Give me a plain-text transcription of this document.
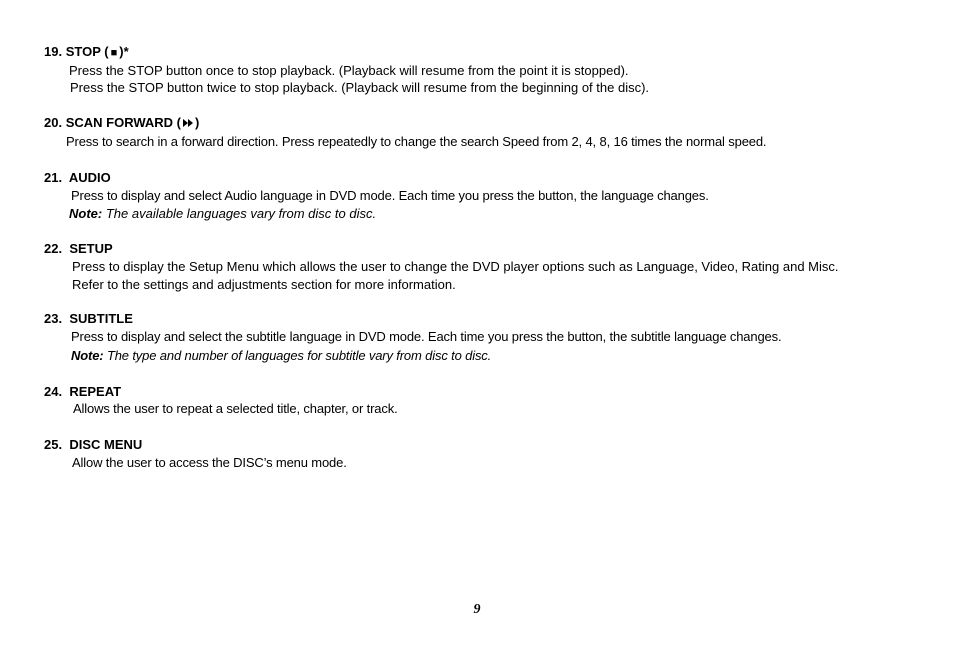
19. STOP ( ■ )*
Press the STOP button once to stop playback. (Playback will resume from the point it is stopped).
Press the STOP button twice to stop playback. (Playback will resume from the beginning of the disc).
20. SCAN FORWARD ( )
Press to search in a forward direction. Press repeatedly to change the search Speed from 2, 4, 8, 16 times the normal speed.
21. AUDIO
Press to display and select Audio language in DVD mode. Each time you press the button, the language changes.
Note: The available languages vary from disc to disc.
22. SETUP
Press to display the Setup Menu which allows the user to change the DVD player options such as Language, Video, Rating and Misc.
Refer to the settings and adjustments section for more information.
23. SUBTITLE
Press to display and select the subtitle language in DVD mode. Each time you press the button, the subtitle language changes.
Note: The type and number of languages for subtitle vary from disc to disc.
24. REPEAT
Allows the user to repeat a selected title, chapter, or track.
25. DISC MENU
Allow the user to access the DISC’s menu mode.
9
